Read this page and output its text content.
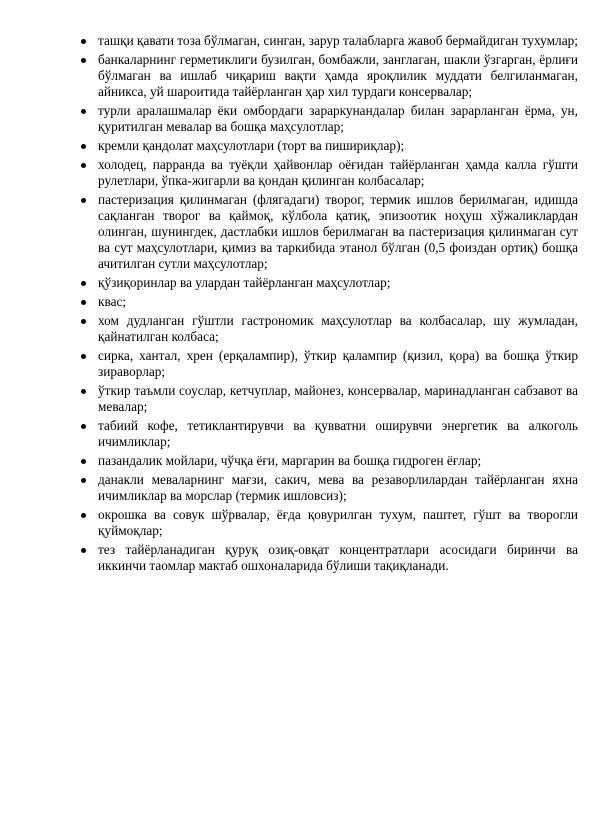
ташқи қавати тоза бўлмаган, синган, зарур талабларга жавоб бермайдиган тухумлар;
банкаларнинг герметиклиги бузилган, бомбажли, занглаган, шакли ўзгарган, ёрлиғи бўлмаган ва ишлаб чиқариш вақти ҳамда яроқлилик муддати белгиланмаган, айникса, уй шароитида тайёрланган ҳар хил турдаги консервалар;
турли аралашмалар ёки омбордаги зараркунандалар билан зарарланган ёрма, ун, қуритилган мевалар ва бошқа маҳсулотлар;
кремли қандолат маҳсулотлари (торт ва пишириқлар);
холодец, парранда ва туёқли ҳайвонлар оёғидан тайёрланган ҳамда калла гўшти рулетлари, ўпка-жигарли ва қондан қилинган колбасалар;
пастеризация қилинмаган (флягадаги) творог, термик ишлов берилмаган, идишда сақланган творог ва қаймоқ, кўлбола қатиқ, эпизоотик ноҳуш хўжаликлардан олинган, шунингдек, дастлабки ишлов берилмаган ва пастеризация қилинмаган сут ва сут маҳсулотлари, қимиз ва таркибида этанол бўлган (0,5 фоиздан ортиқ) бошқа ачитилган сутли маҳсулотлар;
қўзиқоринлар ва улардан тайёрланган маҳсулотлар;
квас;
хом дудланган гўштли гастрономик маҳсулотлар ва колбасалар, шу жумладан, қайнатилган колбаса;
сирка, хантал, хрен (ерқалампир), ўткир қалампир (қизил, қора) ва бошқа ўткир зираворлар;
ўткир таъмли соуслар, кетчуплар, майонез, консервалар, маринадланган сабзавот ва мевалар;
табиий кофе, тетиклантирувчи ва қувватни оширувчи энергетик ва алкоголь ичимликлар;
пазандалик мойлари, чўчқа ёғи, маргарин ва бошқа гидроген ёғлар;
данакли меваларнинг мағзи, сакич, мева ва резаворлилардан тайёрланган яхна ичимликлар ва морслар (термик ишловсиз);
окрошка ва совук шўрвалар, ёғда қовурилган тухум, паштет, гўшт ва творогли қуймоқлар;
тез тайёрланадиган қуруқ озиқ-овқат концентратлари асосидаги биринчи ва иккинчи таомлар мактаб ошхоналарида бўлиши тақиқланади.
